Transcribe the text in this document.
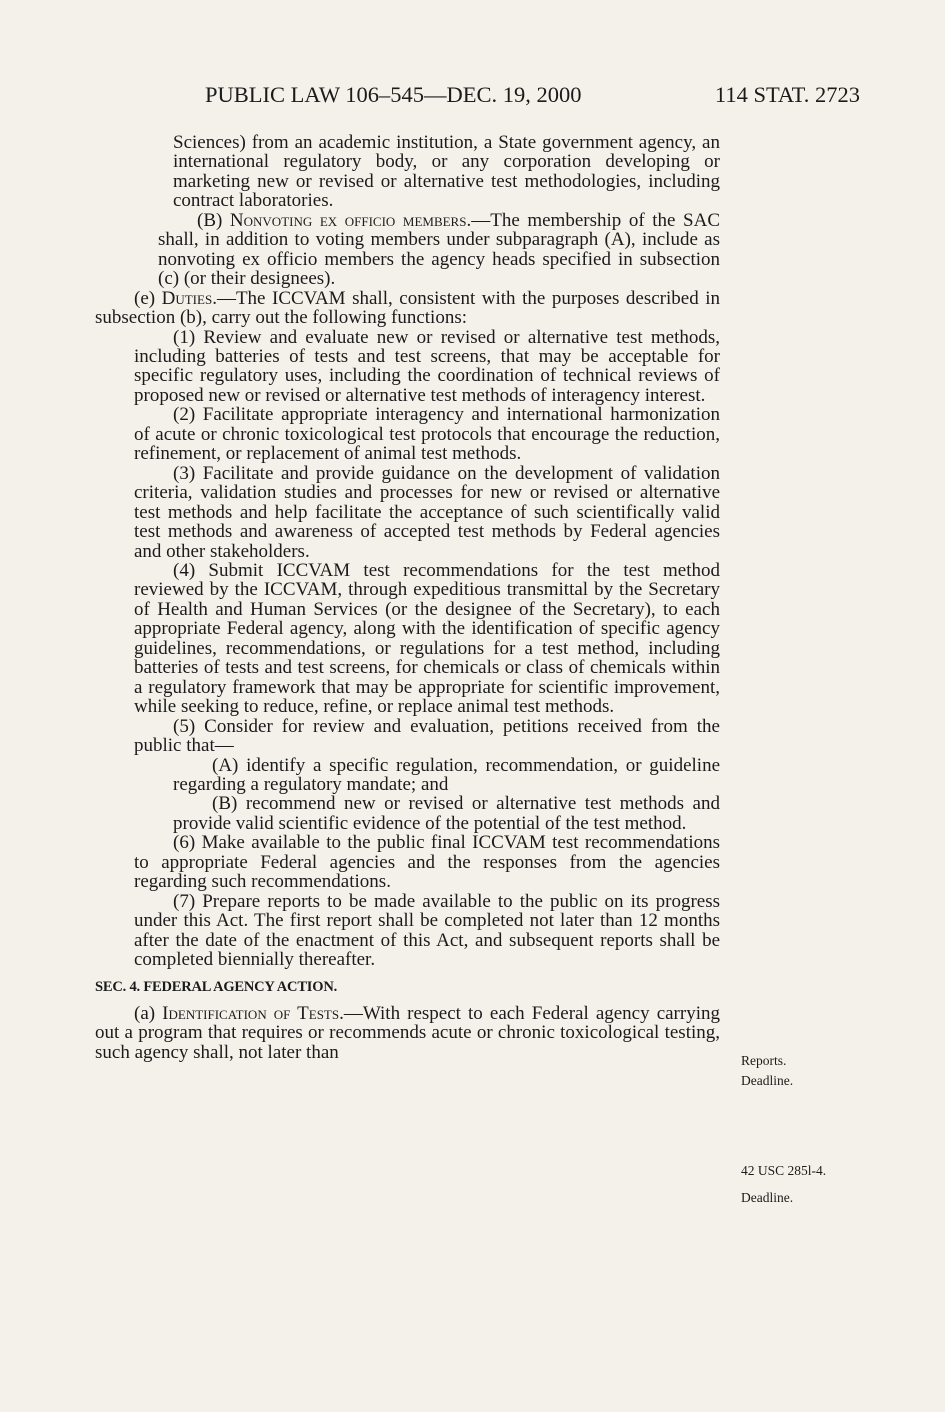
PUBLIC LAW 106–545—DEC. 19, 2000	114 STAT. 2723

Sciences) from an academic institution, a State government agency, an international regulatory body, or any corporation developing or marketing new or revised or alternative test methodologies, including contract laboratories.

(B) Nonvoting ex officio members.—The membership of the SAC shall, in addition to voting members under subparagraph (A), include as nonvoting ex officio members the agency heads specified in subsection (c) (or their designees).

(e) Duties.—The ICCVAM shall, consistent with the purposes described in subsection (b), carry out the following functions:

(1) Review and evaluate new or revised or alternative test methods, including batteries of tests and test screens, that may be acceptable for specific regulatory uses, including the coordination of technical reviews of proposed new or revised or alternative test methods of interagency interest.

(2) Facilitate appropriate interagency and international harmonization of acute or chronic toxicological test protocols that encourage the reduction, refinement, or replacement of animal test methods.

(3) Facilitate and provide guidance on the development of validation criteria, validation studies and processes for new or revised or alternative test methods and help facilitate the acceptance of such scientifically valid test methods and awareness of accepted test methods by Federal agencies and other stakeholders.

(4) Submit ICCVAM test recommendations for the test method reviewed by the ICCVAM, through expeditious transmittal by the Secretary of Health and Human Services (or the designee of the Secretary), to each appropriate Federal agency, along with the identification of specific agency guidelines, recommendations, or regulations for a test method, including batteries of tests and test screens, for chemicals or class of chemicals within a regulatory framework that may be appropriate for scientific improvement, while seeking to reduce, refine, or replace animal test methods.

(5) Consider for review and evaluation, petitions received from the public that—

(A) identify a specific regulation, recommendation, or guideline regarding a regulatory mandate; and

(B) recommend new or revised or alternative test methods and provide valid scientific evidence of the potential of the test method.

(6) Make available to the public final ICCVAM test recommendations to appropriate Federal agencies and the responses from the agencies regarding such recommendations.

(7) Prepare reports to be made available to the public on its progress under this Act. The first report shall be completed not later than 12 months after the date of the enactment of this Act, and subsequent reports shall be completed biennially thereafter.

SEC. 4. FEDERAL AGENCY ACTION.

(a) Identification of Tests.—With respect to each Federal agency carrying out a program that requires or recommends acute or chronic toxicological testing, such agency shall, not later than	Reports.
Deadline.
42 USC 285l-4.
Deadline.
